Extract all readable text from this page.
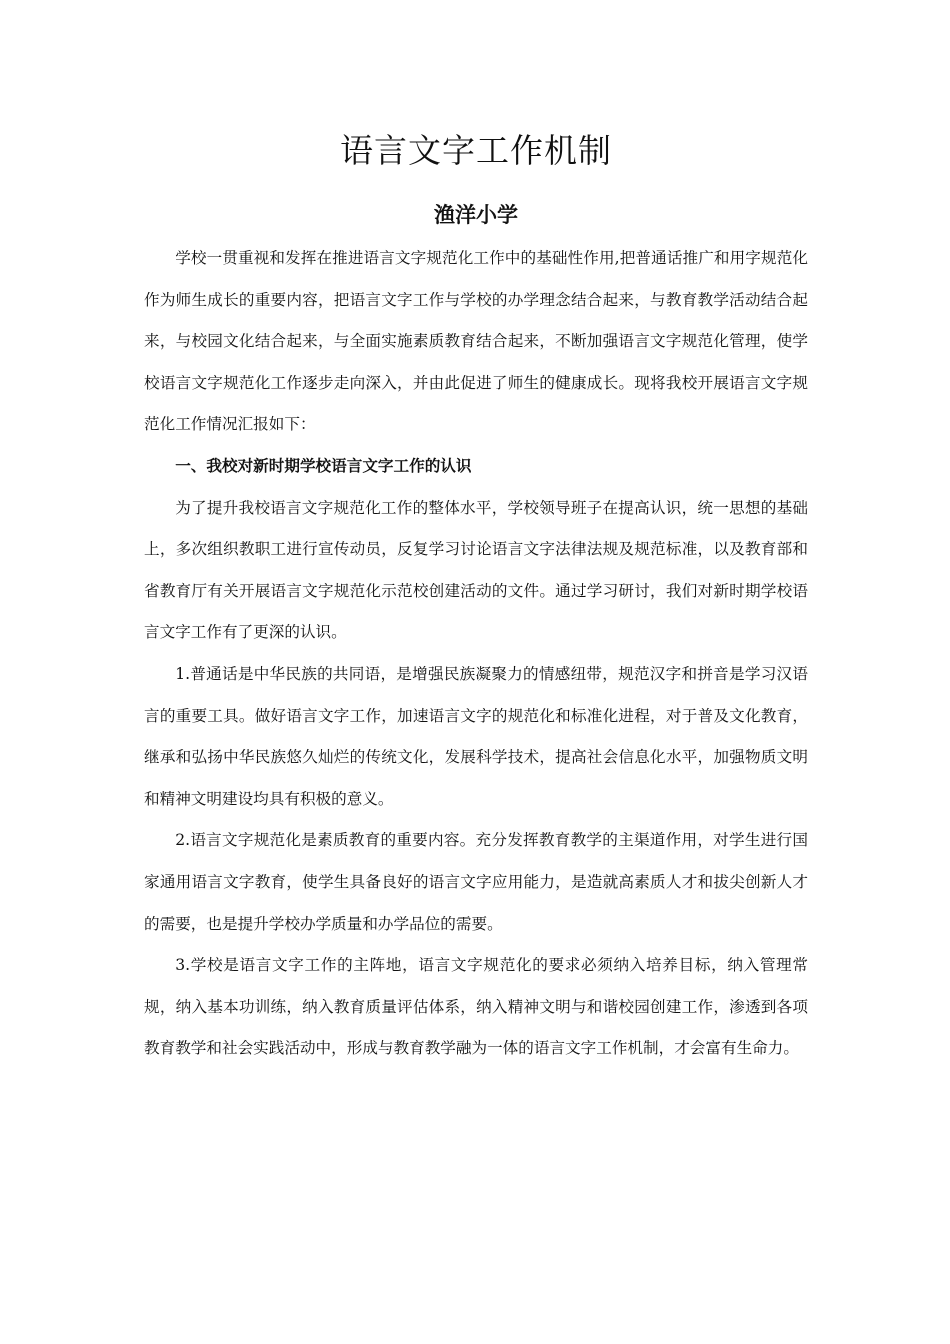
语言文字工作机制
渔洋小学

学校一贯重视和发挥在推进语言文字规范化工作中的基础性作用,把普通话推广和用字规范化作为师生成长的重要内容，把语言文字工作与学校的办学理念结合起来，与教育教学活动结合起来，与校园文化结合起来，与全面实施素质教育结合起来，不断加强语言文字规范化管理，使学校语言文字规范化工作逐步走向深入，并由此促进了师生的健康成长。现将我校开展语言文字规范化工作情况汇报如下：

一、我校对新时期学校语言文字工作的认识

为了提升我校语言文字规范化工作的整体水平，学校领导班子在提高认识，统一思想的基础上，多次组织教职工进行宣传动员，反复学习讨论语言文字法律法规及规范标准，以及教育部和省教育厅有关开展语言文字规范化示范校创建活动的文件。通过学习研讨，我们对新时期学校语言文字工作有了更深的认识。

1.普通话是中华民族的共同语，是增强民族凝聚力的情感纽带，规范汉字和拼音是学习汉语言的重要工具。做好语言文字工作，加速语言文字的规范化和标准化进程，对于普及文化教育，继承和弘扬中华民族悠久灿烂的传统文化，发展科学技术，提高社会信息化水平，加强物质文明和精神文明建设均具有积极的意义。

2.语言文字规范化是素质教育的重要内容。充分发挥教育教学的主渠道作用，对学生进行国家通用语言文字教育，使学生具备良好的语言文字应用能力，是造就高素质人才和拔尖创新人才的需要，也是提升学校办学质量和办学品位的需要。

3.学校是语言文字工作的主阵地，语言文字规范化的要求必须纳入培养目标，纳入管理常规，纳入基本功训练，纳入教育质量评估体系，纳入精神文明与和谐校园创建工作，渗透到各项教育教学和社会实践活动中，形成与教育教学融为一体的语言文字工作机制，才会富有生命力。
